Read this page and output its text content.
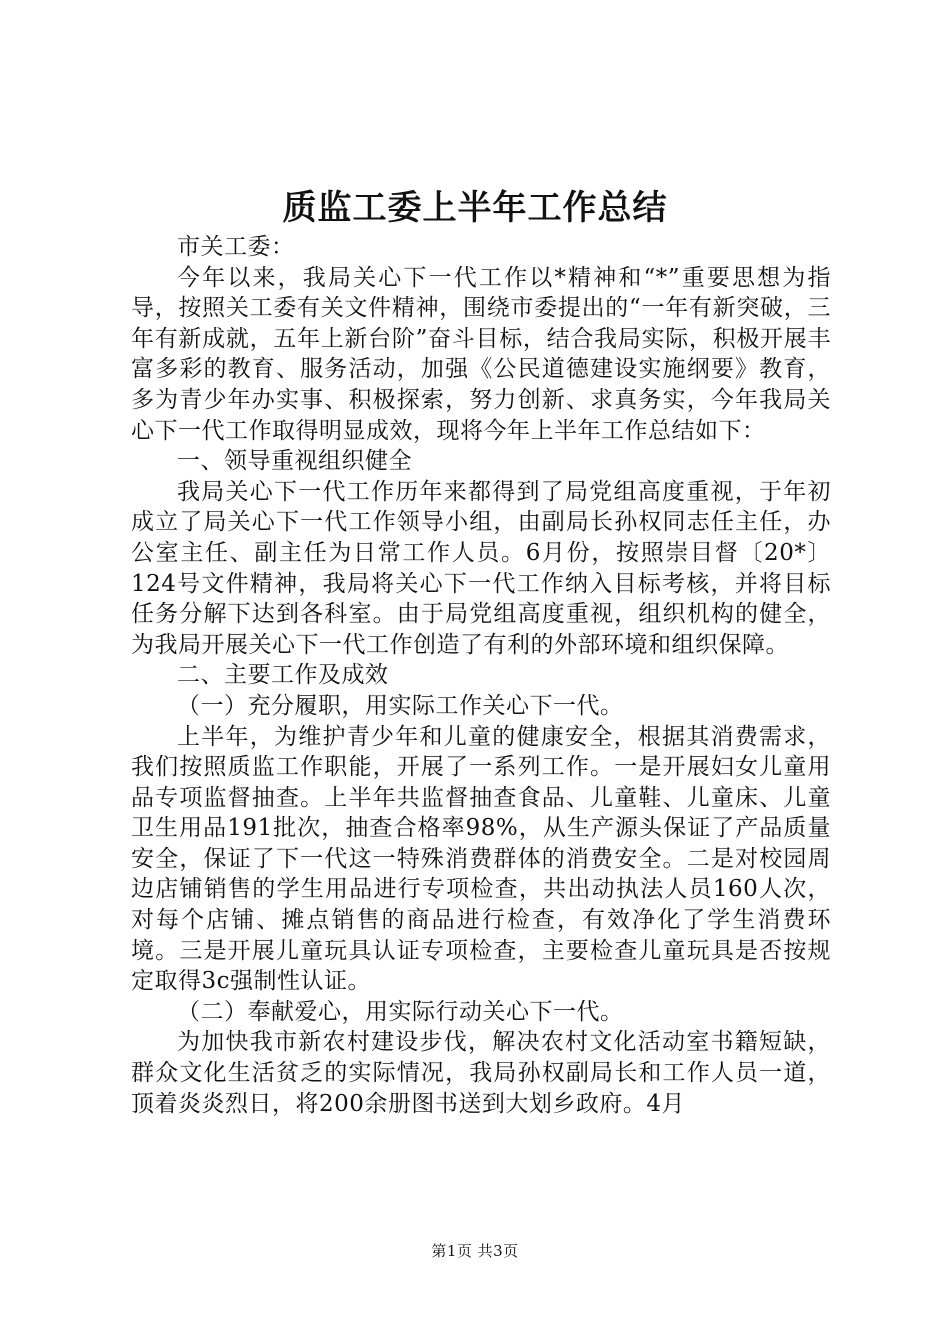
质监工委上半年工作总结

市关工委：

今年以来，我局关心下一代工作以*精神和“*”重要思想为指导，按照关工委有关文件精神，围绕市委提出的“一年有新突破，三年有新成就，五年上新台阶”奋斗目标，结合我局实际，积极开展丰富多彩的教育、服务活动，加强《公民道德建设实施纲要》教育，多为青少年办实事、积极探索，努力创新、求真务实，今年我局关心下一代工作取得明显成效，现将今年上半年工作总结如下：

一、领导重视组织健全

我局关心下一代工作历年来都得到了局党组高度重视，于年初成立了局关心下一代工作领导小组，由副局长孙权同志任主任，办公室主任、副主任为日常工作人员。6月份，按照崇目督〔20*〕124号文件精神，我局将关心下一代工作纳入目标考核，并将目标任务分解下达到各科室。由于局党组高度重视，组织机构的健全，为我局开展关心下一代工作创造了有利的外部环境和组织保障。

二、主要工作及成效

（一）充分履职，用实际工作关心下一代。

上半年，为维护青少年和儿童的健康安全，根据其消费需求，我们按照质监工作职能，开展了一系列工作。一是开展妇女儿童用品专项监督抽查。上半年共监督抽查食品、儿童鞋、儿童床、儿童卫生用品191批次，抽查合格率98%，从生产源头保证了产品质量安全，保证了下一代这一特殊消费群体的消费安全。二是对校园周边店铺销售的学生用品进行专项检查，共出动执法人员160人次，对每个店铺、摊点销售的商品进行检查，有效净化了学生消费环境。三是开展儿童玩具认证专项检查，主要检查儿童玩具是否按规定取得3c强制性认证。

（二）奉献爱心，用实际行动关心下一代。

为加快我市新农村建设步伐，解决农村文化活动室书籍短缺，群众文化生活贫乏的实际情况，我局孙权副局长和工作人员一道，顶着炎炎烈日，将200余册图书送到大划乡政府。4月

第1页 共3页
